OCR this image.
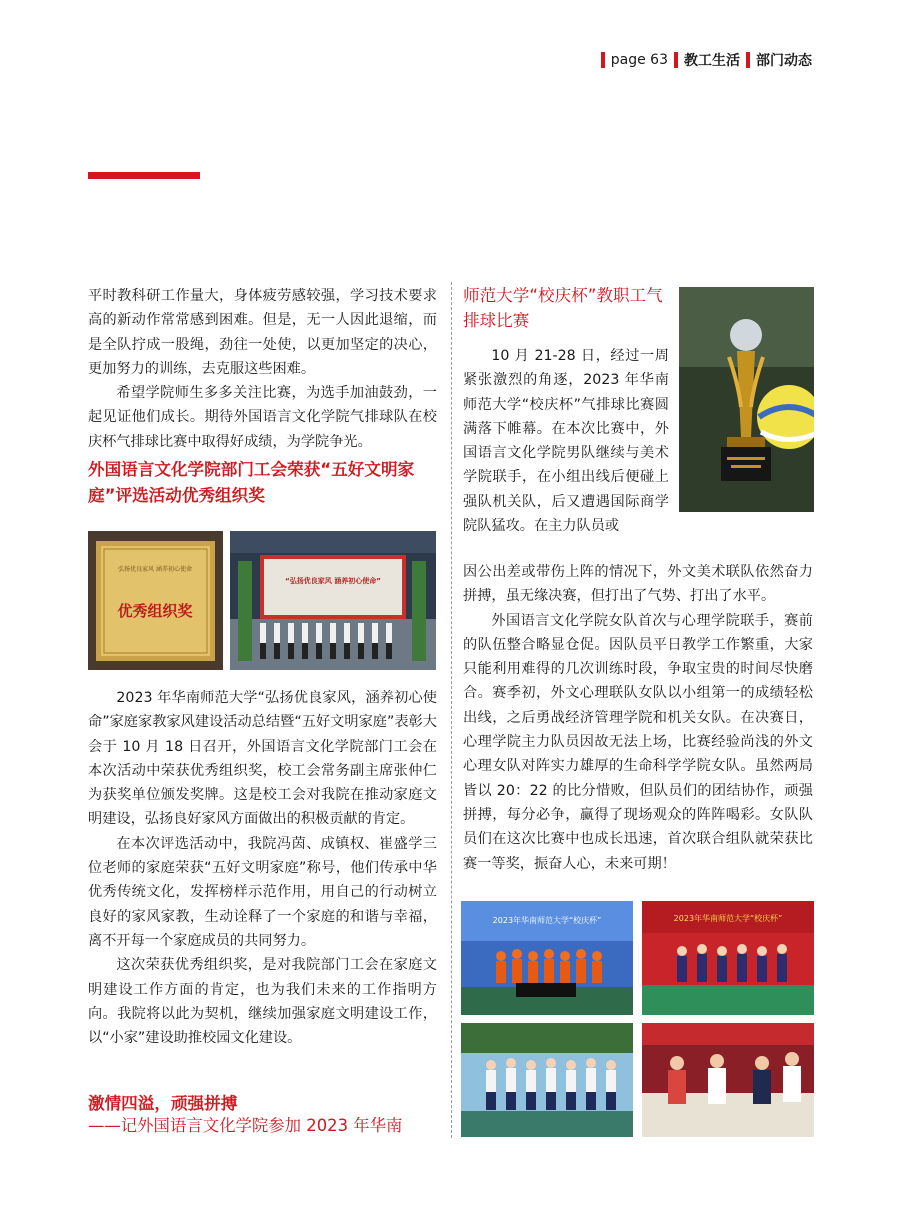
page 63 教工生活 部门动态

平时教科研工作量大，身体疲劳感较强，学习技术要求高的新动作常常感到困难。但是，无一人因此退缩，而是全队拧成一股绳，劲往一处使，以更加坚定的决心，更加努力的训练，去克服这些困难。

希望学院师生多多关注比赛，为选手加油鼓劲，一起见证他们成长。期待外国语言文化学院气排球队在校庆杯气排球比赛中取得好成绩，为学院争光。

外国语言文化学院部门工会荣获“五好文明家庭”评选活动优秀组织奖
弘扬优良家风 涵养初心使命
优秀组织奖
“弘扬优良家风 涵养初心使命”

2023 年华南师范大学“弘扬优良家风，涵养初心使命”家庭家教家风建设活动总结暨“五好文明家庭”表彰大会于 10 月 18 日召开，外国语言文化学院部门工会在本次活动中荣获优秀组织奖，校工会常务副主席张仲仁为获奖单位颁发奖牌。这是校工会对我院在推动家庭文明建设，弘扬良好家风方面做出的积极贡献的肯定。

在本次评选活动中，我院冯茵、成镇权、崔盛学三位老师的家庭荣获“五好文明家庭”称号，他们传承中华优秀传统文化，发挥榜样示范作用，用自己的行动树立良好的家风家教，生动诠释了一个家庭的和谐与幸福，离不开每一个家庭成员的共同努力。

这次荣获优秀组织奖，是对我院部门工会在家庭文明建设工作方面的肯定，也为我们未来的工作指明方向。我院将以此为契机，继续加强家庭文明建设工作，以“小家”建设助推校园文化建设。

激情四溢，顽强拼搏
——记外国语言文化学院参加 2023 年华南
师范大学“校庆杯”教职工气排球比赛

10 月 21-28 日，经过一周紧张激烈的角逐，2023 年华南师范大学“校庆杯”气排球比赛圆满落下帷幕。在本次比赛中，外国语言文化学院男队继续与美术学院联手，在小组出线后便碰上强队机关队，后又遭遇国际商学院队猛攻。在主力队员或

因公出差或带伤上阵的情况下，外文美术联队依然奋力拼搏，虽无缘决赛，但打出了气势、打出了水平。

外国语言文化学院女队首次与心理学院联手，赛前的队伍整合略显仓促。因队员平日教学工作繁重，大家只能利用难得的几次训练时段，争取宝贵的时间尽快磨合。赛季初，外文心理联队女队以小组第一的成绩轻松出线，之后勇战经济管理学院和机关女队。在决赛日，心理学院主力队员因故无法上场，比赛经验尚浅的外文心理女队对阵实力雄厚的生命科学学院女队。虽然两局皆以 20：22 的比分惜败，但队员们的团结协作，顽强拼搏，每分必争，赢得了现场观众的阵阵喝彩。女队队员们在这次比赛中也成长迅速，首次联合组队就荣获比赛一等奖，振奋人心，未来可期！

2023年华南师范大学“校庆杯”	2023年华南师范大学“校庆杯”
